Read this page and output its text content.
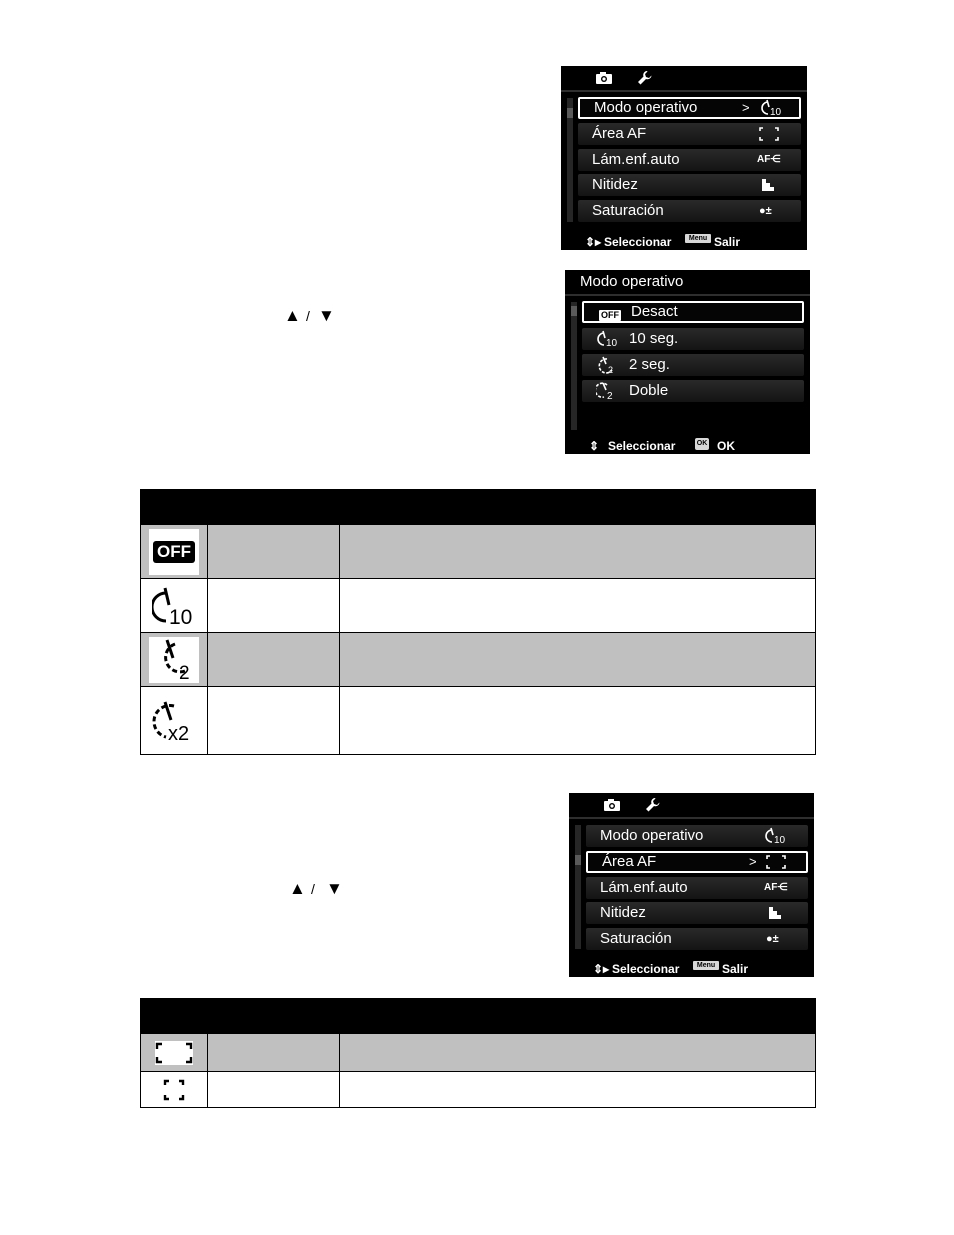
Modo operativo	> 10
Área AF
Lám.enf.auto	AF⋲
Nitidez
Saturación	●±
⇕▸ Seleccionar	Menu Salir
Modo operativo
OFF Desact
10 10 seg.
2 2 seg.
2 Doble
⇕ Seleccionar	OK OK
▲ / ▼

OFF		

10		

2		

x2		

Modo operativo	10
Área AF	>
Lám.enf.auto	AF⋲
Nitidez
Saturación	●±
⇕▸ Seleccionar	Menu Salir
▲ / ▼
